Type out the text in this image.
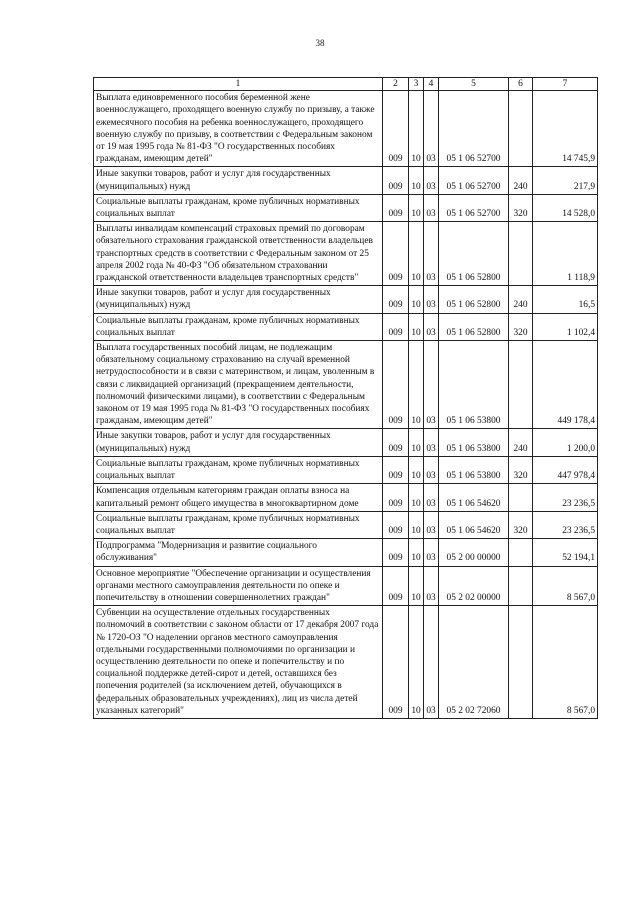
38
1	2	3	4	5	6	7
Выплата единовременного пособия беременной жене военнослужащего, проходящего военную службу по призыву, а также ежемесячного пособия на ребенка военнослужащего, проходящего военную службу по призыву, в соответствии с Федеральным законом от 19 мая 1995 года № 81-ФЗ "О государственных пособиях гражданам, имеющим детей"	009	10	03	05 1 06 52700		14 745,9
Иные закупки товаров, работ и услуг для государственных (муниципальных) нужд	009	10	03	05 1 06 52700	240	217,9
Социальные выплаты гражданам, кроме публичных нормативных социальных выплат	009	10	03	05 1 06 52700	320	14 528,0
Выплаты инвалидам компенсаций страховых премий по договорам обязательного страхования гражданской ответственности владельцев транспортных средств в соответствии с Федеральным законом от 25 апреля 2002 года № 40-ФЗ "Об обязательном страховании гражданской ответственности владельцев транспортных средств"	009	10	03	05 1 06 52800		1 118,9
Иные закупки товаров, работ и услуг для государственных (муниципальных) нужд	009	10	03	05 1 06 52800	240	16,5
Социальные выплаты гражданам, кроме публичных нормативных социальных выплат	009	10	03	05 1 06 52800	320	1 102,4
Выплата государственных пособий лицам, не подлежащим обязательному социальному страхованию на случай временной нетрудоспособности и в связи с материнством, и лицам, уволенным в связи с ликвидацией организаций (прекращением деятельности, полномочий физическими лицами), в соответствии с Федеральным законом от 19 мая 1995 года № 81-ФЗ "О государственных пособиях гражданам, имеющим детей"	009	10	03	05 1 06 53800		449 178,4
Иные закупки товаров, работ и услуг для государственных (муниципальных) нужд	009	10	03	05 1 06 53800	240	1 200,0
Социальные выплаты гражданам, кроме публичных нормативных социальных выплат	009	10	03	05 1 06 53800	320	447 978,4
Компенсация отдельным категориям граждан оплаты взноса на капитальный ремонт общего имущества в многоквартирном доме	009	10	03	05 1 06 54620		23 236,5
Социальные выплаты гражданам, кроме публичных нормативных социальных выплат	009	10	03	05 1 06 54620	320	23 236,5
Подпрограмма "Модернизация и развитие социального обслуживания"	009	10	03	05 2 00 00000		52 194,1
Основное мероприятие "Обеспечение организации и осуществления органами местного самоуправления деятельности по опеке и попечительству в отношении совершеннолетних граждан"	009	10	03	05 2 02 00000		8 567,0
Субвенции на осуществление отдельных государственных полномочий в соответствии с законом области от 17 декабря 2007 года № 1720-ОЗ "О наделении органов местного самоуправления отдельными государственными полномочиями по организации и осуществлению деятельности по опеке и попечительству и по социальной поддержке детей-сирот и детей, оставшихся без попечения родителей (за исключением детей, обучающихся в федеральных образовательных учреждениях), лиц из числа детей указанных категорий"	009	10	03	05 2 02 72060		8 567,0
